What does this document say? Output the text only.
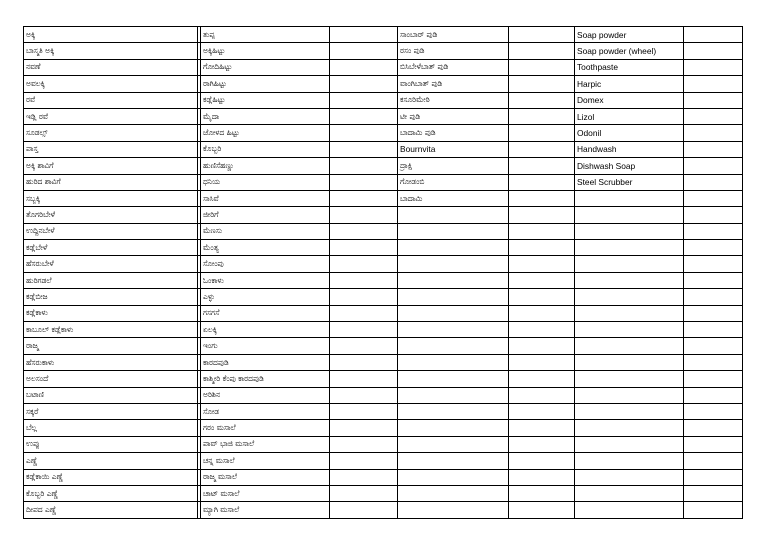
ಅಕ್ಕಿ		ತುಪ್ಪ		ಸಾಂಬಾರ್ ಪುಡಿ		Soap powder	
ಬಾಸ್ಮತಿ ಅಕ್ಕಿ		ಅಕ್ಕಿಹಿಟ್ಟು		ರಸಂ ಪುಡಿ		Soap powder (wheel)	
ನವಣೆ		ಗೋದಿಹಿಟ್ಟು		ಬಿಸಿಬೇಳೆಬಾತ್ ಪುಡಿ		Toothpaste	
ಅವಲಕ್ಕಿ		ರಾಗಿಹಿಟ್ಟು		ವಾಂಗಿಬಾತ್ ಪುಡಿ		Harpic	
ರವೆ		ಕಡ್ಲೆಹಿಟ್ಟು		ಕಸೂರಿಮೇಠಿ		Domex	
ಇಡ್ಲಿ ರವೆ		ಮೈದಾ		ಟೀ ಪುಡಿ		Lizol	
ಸೂಡಲ್ಸ್		ಜೋಳದ ಹಿಟ್ಟು		ಬಾದಾಮಿ ಪುಡಿ		Odonil	
ಪಾಸ್ತ		ಕೊಬ್ಬರಿ		Bournvita		Handwash	
ಅಕ್ಕಿ ಶಾವಿಗೆ		ಹುಣಿಸೆಹಣ್ಣು		ದ್ರಾಕ್ಷಿ		Dishwash Soap	
ಹುರಿದ ಶಾವಿಗೆ		ಧನಿಯ		ಗೋಡಂಬಿ		Steel Scrubber	
ಸಬ್ಬಕ್ಕಿ		ಸಾಸಿವೆ		ಬಾದಾಮಿ			
ತೊಗರಿಬೇಳೆ		ಜೀರಿಗೆ					
ಉದ್ದಿನಬೇಳೆ		ಮೆಣಸು					
ಕಡ್ಲೆಬೇಳೆ		ಮೆಂತ್ಯ					
ಹೆಸರುಬೇಳೆ		ಸೋಂಪು					
ಹುರಿಗಡಲೆ		ಓಂಕಾಳು					
ಕಡ್ಲೆಬೀಜ		ಎಳ್ಳು					
ಕಡ್ಲೆಕಾಳು		ಗಸಗಸೆ					
ಕಾಬೂಲ್ ಕಡ್ಲೆಕಾಳು		ಏಲಕ್ಕಿ					
ರಾಜ್ಮ		ಇಂಗು					
ಹೆಸರುಕಾಳು		ಕಾರದಪುಡಿ					
ಅಲಸಂದೆ		ಕಾಶ್ಮೀರಿ ಕೆಂಪು ಕಾರದಪುಡಿ					
ಬಟಾಣಿ		ಅರಿಶಿನ					
ಸಕ್ಕರೆ		ಸೋಡ					
ಬೆಲ್ಲ		ಗರಂ ಮಸಾಲೆ					
ಉಪ್ಪು		ಪಾವ್ ಭಾಜಿ ಮಸಾಲೆ					
ಎಣ್ಣೆ		ಚನ್ನ ಮಸಾಲೆ					
ಕಡ್ಲೆಕಾಯಿ ಎಣ್ಣೆ		ರಾಜ್ಮ ಮಸಾಲೆ					
ಕೊಬ್ಬರಿ ಎಣ್ಣೆ		ಚಾಟ್ ಮಸಾಲೆ					
ದೀಪದ ಎಣ್ಣೆ		ಮ್ಯಾಗಿ ಮಸಾಲೆ					
